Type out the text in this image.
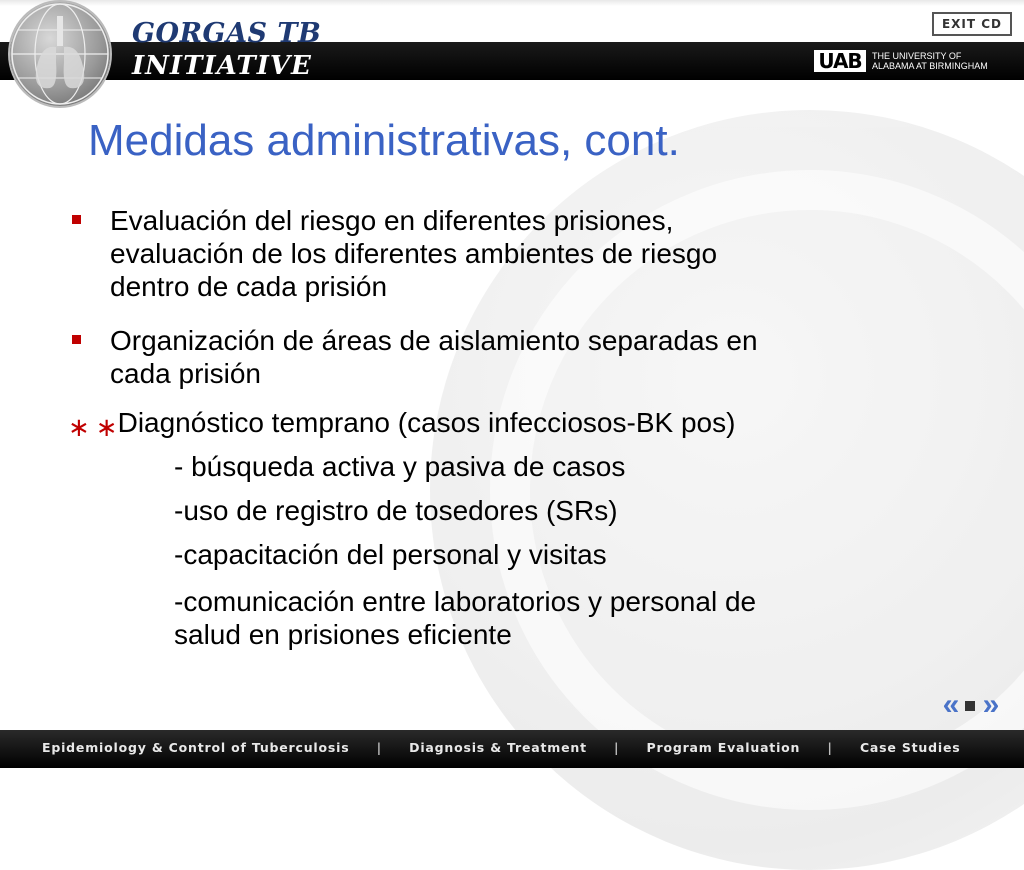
GORGAS TB
INITIATIVE
EXIT CD
UAB	THE UNIVERSITY OF
ALABAMA AT BIRMINGHAM
Medidas administrativas, cont.
Evaluación del riesgo en diferentes prisiones,
evaluación de los diferentes ambientes de riesgo
dentro de cada prisión
Organización de áreas de aislamiento separadas en
cada prisión
∗ ∗Diagnóstico temprano (casos infecciosos-BK pos)
- búsqueda activa y pasiva de casos
-uso de registro de tosedores (SRs)
-capacitación del personal y visitas
-comunicación entre laboratorios y personal de
salud en prisiones eficiente
« »
Epidemiology & Control of Tuberculosis | Diagnosis & Treatment | Program Evaluation | Case Studies
